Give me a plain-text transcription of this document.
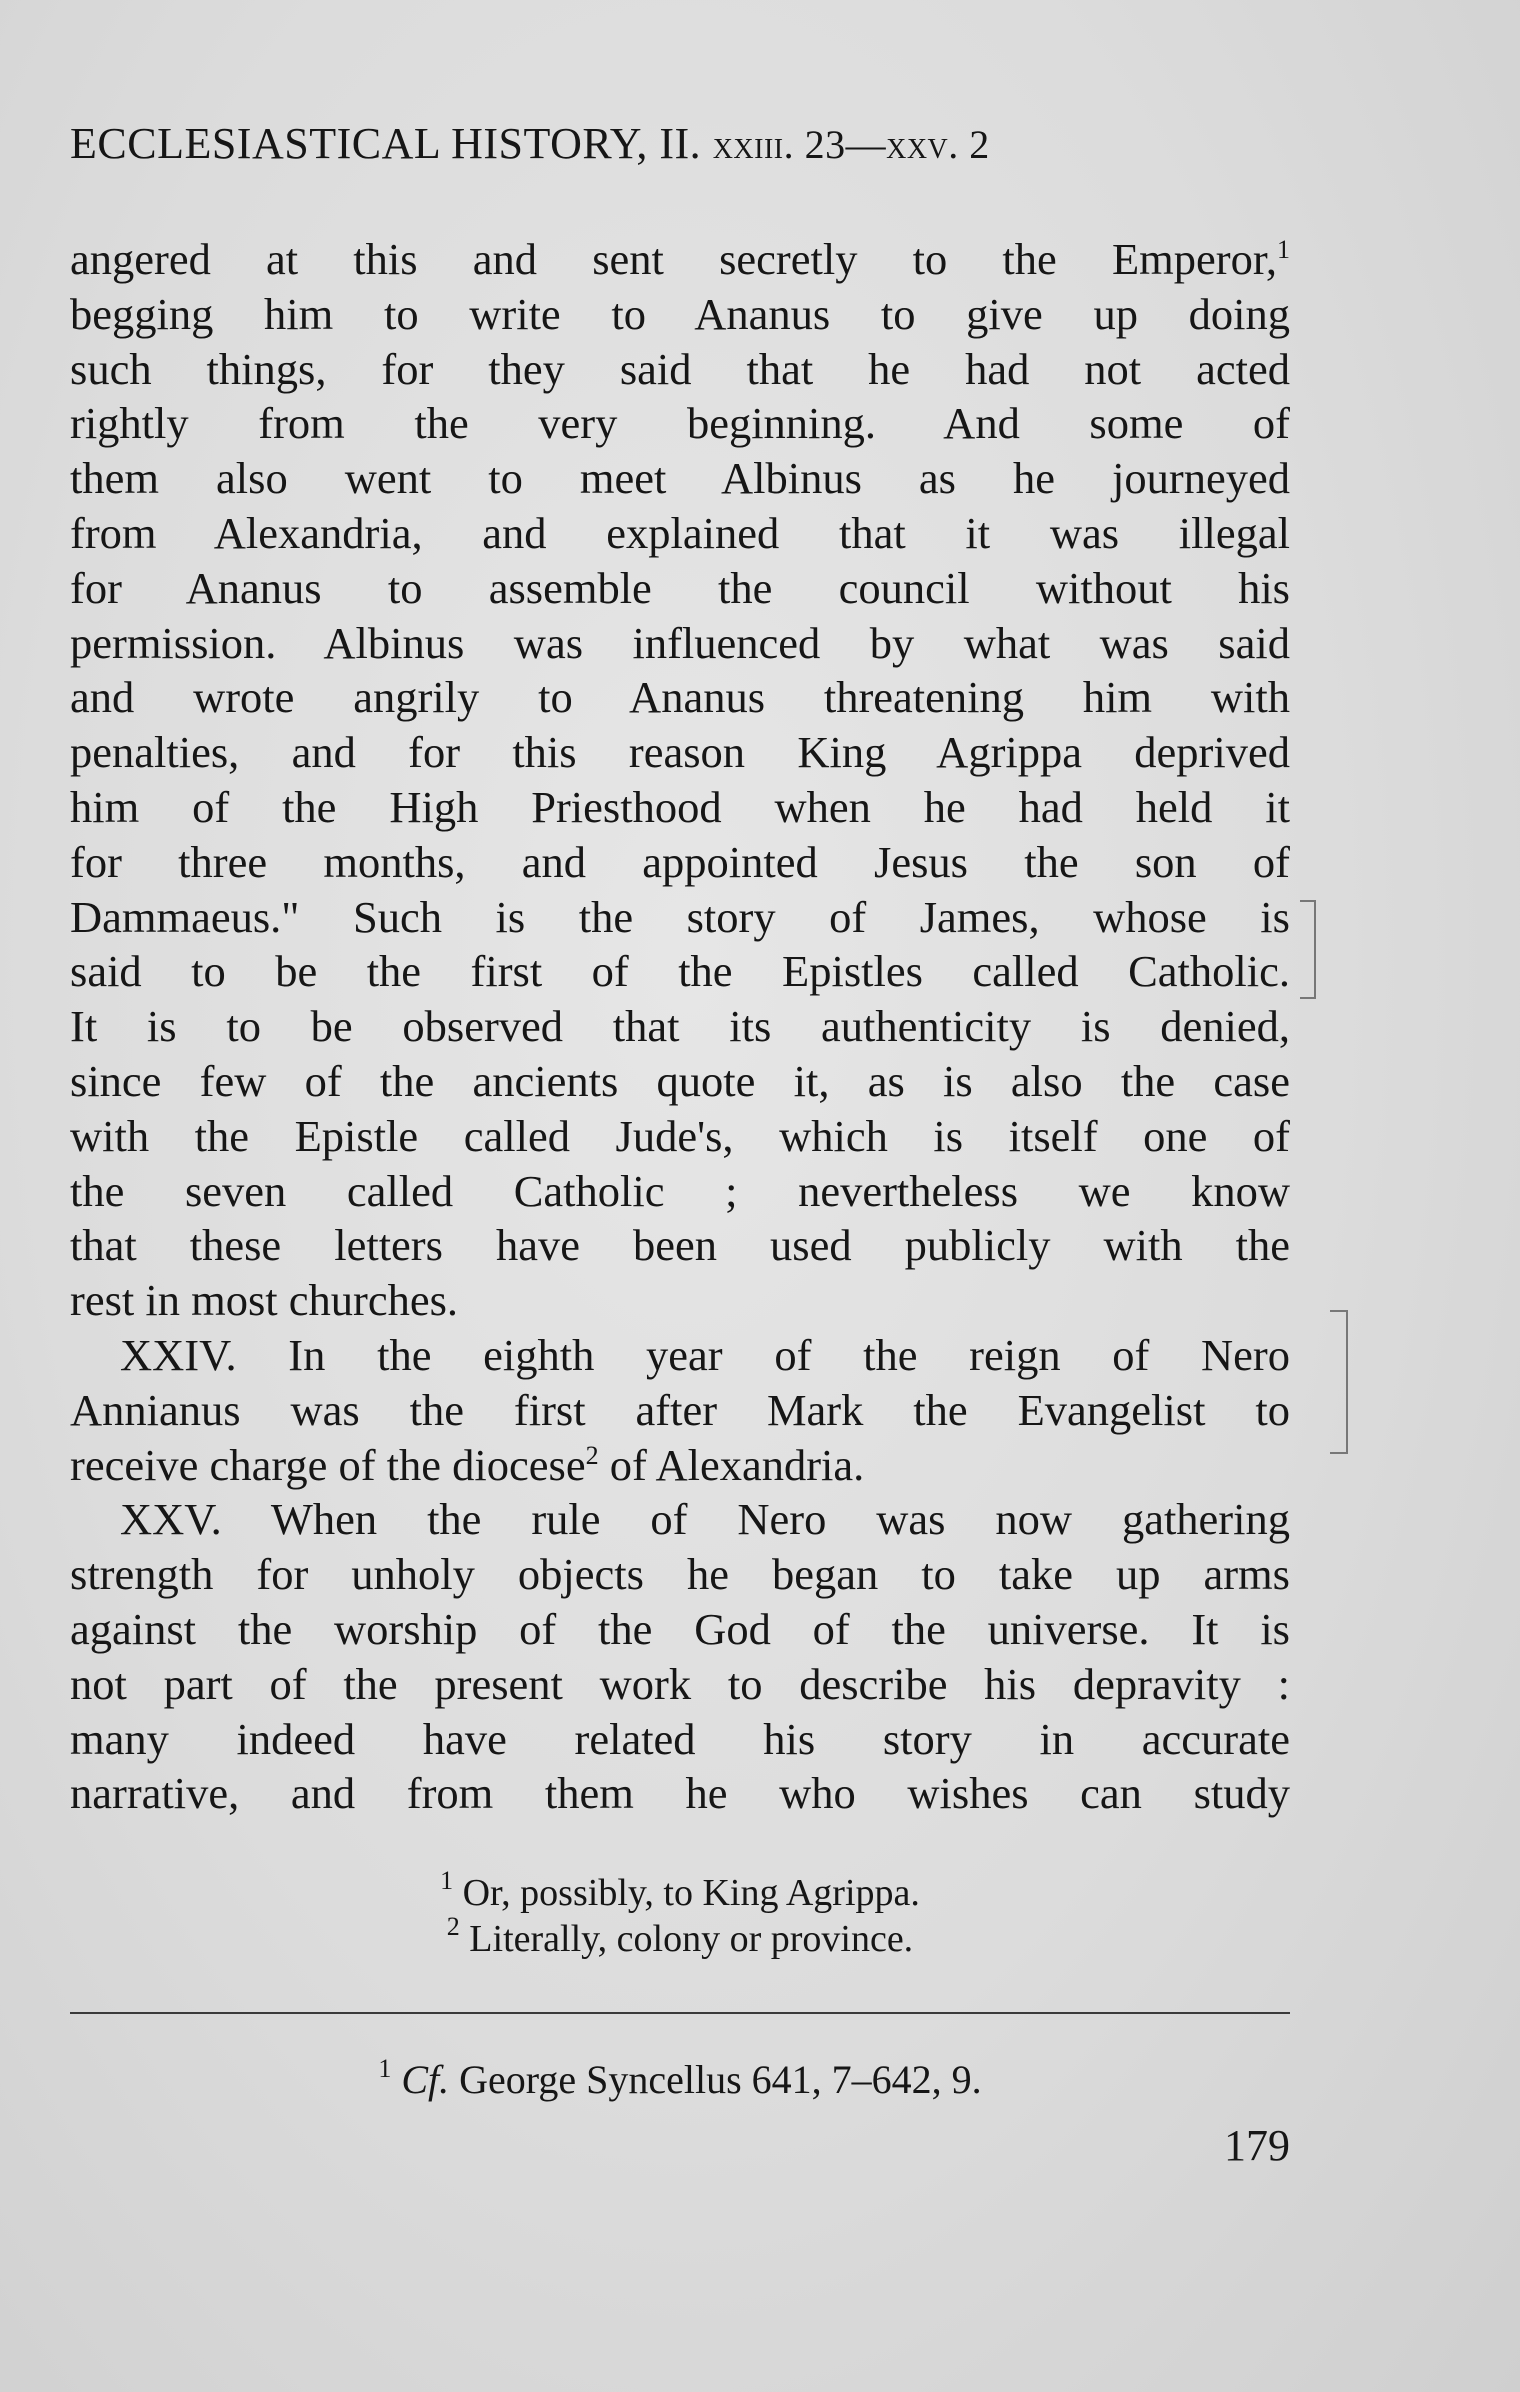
ECCLESIASTICAL HISTORY, II. xxiii. 23—xxv. 2
angered at this and sent secretly to the Emperor,$^1$
begging him to write to Ananus to give up doing
such things, for they said that he had not acted
rightly from the very beginning. And some of
them also went to meet Albinus as he journeyed
from Alexandria, and explained that it was illegal
for Ananus to assemble the council without his
permission. Albinus was influenced by what was said
and wrote angrily to Ananus threatening him with
penalties, and for this reason King Agrippa deprived
him of the High Priesthood when he had held it
for three months, and appointed Jesus the son of
Dammaeus." Such is the story of James, whose is
said to be the first of the Epistles called Catholic.
It is to be observed that its authenticity is denied,
since few of the ancients quote it, as is also the case
with the Epistle called Jude's, which is itself one of
the seven called Catholic ; nevertheless we know
that these letters have been used publicly with the
rest in most churches.
XXIV. In the eighth year of the reign of Nero
Annianus was the first after Mark the Evangelist to
receive charge of the diocese$^2$ of Alexandria.
XXV. When the rule of Nero was now gathering
strength for unholy objects he began to take up arms
against the worship of the God of the universe. It is
not part of the present work to describe his depravity :
many indeed have related his story in accurate
narrative, and from them he who wishes can study
$^1$ Or, possibly, to King Agrippa.
$^2$ Literally, colony or province.
$^1$ Cf. George Syncellus 641, 7–642, 9.
179
